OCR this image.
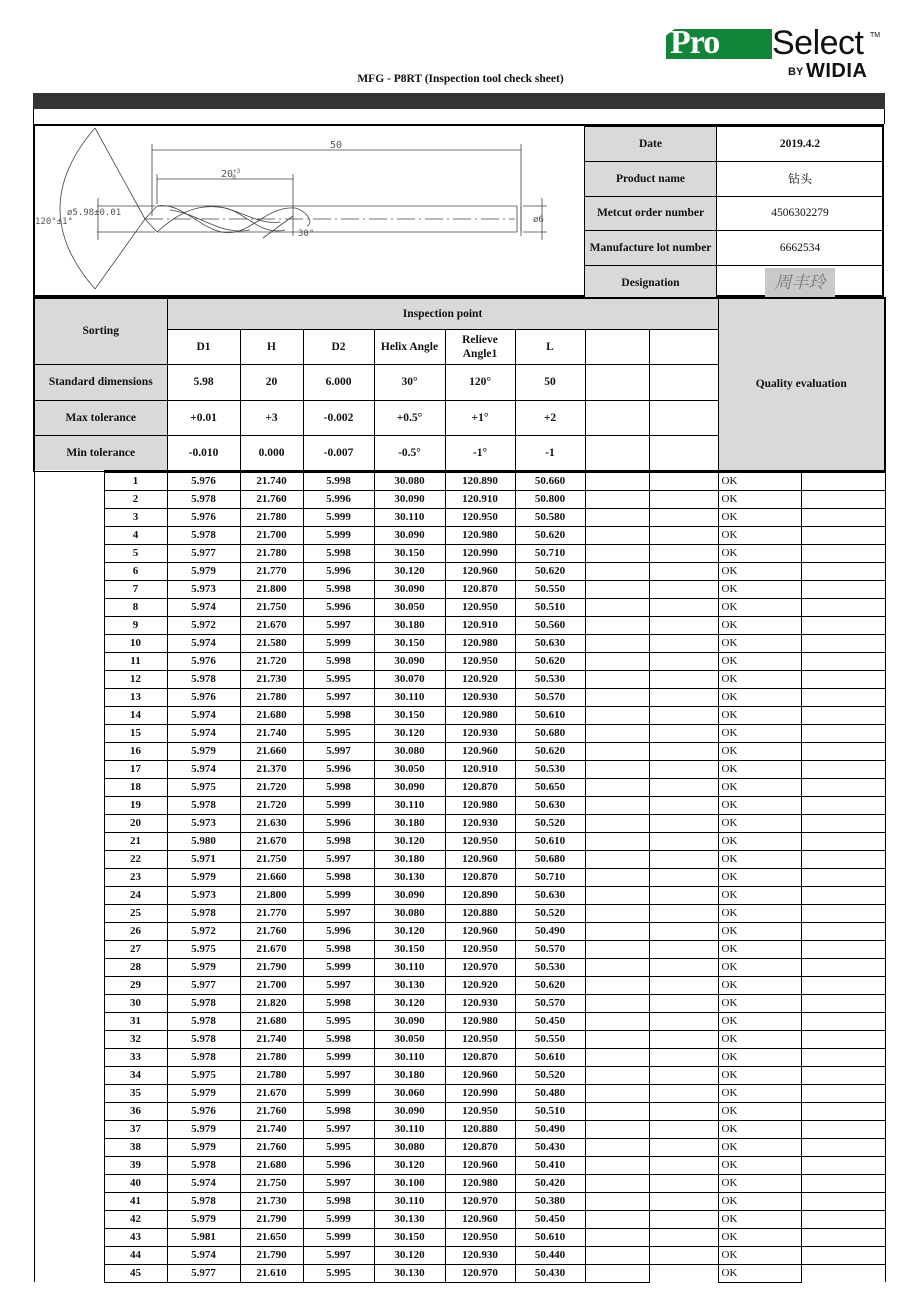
Pro Select TM
BY WIDIA
MFG - P8RT (Inspection tool check sheet)
50
$20^{+3}$ 0
ø5.98±0.01
120°±1°
30°
ø6
Date	2019.4.2
Product name	钻头
Metcut order number	4506302279
Manufacture lot number	6662534
Designation	周丰玲
Sorting		Inspection point								Quality evaluation	
		D1	H	D2	Helix Angle	Relieve Angle1	L				
Standard dimensions		5.98	20	6.000	30°	120°	50				
Max tolerance		+0.01	+3	-0.002	+0.5°	+1°	+2				
Min tolerance		-0.010	0.000	-0.007	-0.5°	-1°	-1				
	1	5.976	21.740	5.998	30.080	120.890	50.660			OK	
	2	5.978	21.760	5.996	30.090	120.910	50.800			OK	
	3	5.976	21.780	5.999	30.110	120.950	50.580			OK	
	4	5.978	21.700	5.999	30.090	120.980	50.620			OK	
	5	5.977	21.780	5.998	30.150	120.990	50.710			OK	
	6	5.979	21.770	5.996	30.120	120.960	50.620			OK	
	7	5.973	21.800	5.998	30.090	120.870	50.550			OK	
	8	5.974	21.750	5.996	30.050	120.950	50.510			OK	
	9	5.972	21.670	5.997	30.180	120.910	50.560			OK	
	10	5.974	21.580	5.999	30.150	120.980	50.630			OK	
	11	5.976	21.720	5.998	30.090	120.950	50.620			OK	
	12	5.978	21.730	5.995	30.070	120.920	50.530			OK	
	13	5.976	21.780	5.997	30.110	120.930	50.570			OK	
	14	5.974	21.680	5.998	30.150	120.980	50.610			OK	
	15	5.974	21.740	5.995	30.120	120.930	50.680			OK	
	16	5.979	21.660	5.997	30.080	120.960	50.620			OK	
	17	5.974	21.370	5.996	30.050	120.910	50.530			OK	
	18	5.975	21.720	5.998	30.090	120.870	50.650			OK	
	19	5.978	21.720	5.999	30.110	120.980	50.630			OK	
	20	5.973	21.630	5.996	30.180	120.930	50.520			OK	
	21	5.980	21.670	5.998	30.120	120.950	50.610			OK	
	22	5.971	21.750	5.997	30.180	120.960	50.680			OK	
	23	5.979	21.660	5.998	30.130	120.870	50.710			OK	
	24	5.973	21.800	5.999	30.090	120.890	50.630			OK	
	25	5.978	21.770	5.997	30.080	120.880	50.520			OK	
	26	5.972	21.760	5.996	30.120	120.960	50.490			OK	
	27	5.975	21.670	5.998	30.150	120.950	50.570			OK	
	28	5.979	21.790	5.999	30.110	120.970	50.530			OK	
	29	5.977	21.700	5.997	30.130	120.920	50.620			OK	
	30	5.978	21.820	5.998	30.120	120.930	50.570			OK	
	31	5.978	21.680	5.995	30.090	120.980	50.450			OK	
	32	5.978	21.740	5.998	30.050	120.950	50.550			OK	
	33	5.978	21.780	5.999	30.110	120.870	50.610			OK	
	34	5.975	21.780	5.997	30.180	120.960	50.520			OK	
	35	5.979	21.670	5.999	30.060	120.990	50.480			OK	
	36	5.976	21.760	5.998	30.090	120.950	50.510			OK	
	37	5.979	21.740	5.997	30.110	120.880	50.490			OK	
	38	5.979	21.760	5.995	30.080	120.870	50.430			OK	
	39	5.978	21.680	5.996	30.120	120.960	50.410			OK	
	40	5.974	21.750	5.997	30.100	120.980	50.420			OK	
	41	5.978	21.730	5.998	30.110	120.970	50.380			OK	
	42	5.979	21.790	5.999	30.130	120.960	50.450			OK	
	43	5.981	21.650	5.999	30.150	120.950	50.610			OK	
	44	5.974	21.790	5.997	30.120	120.930	50.440			OK	
	45	5.977	21.610	5.995	30.130	120.970	50.430			OK	
